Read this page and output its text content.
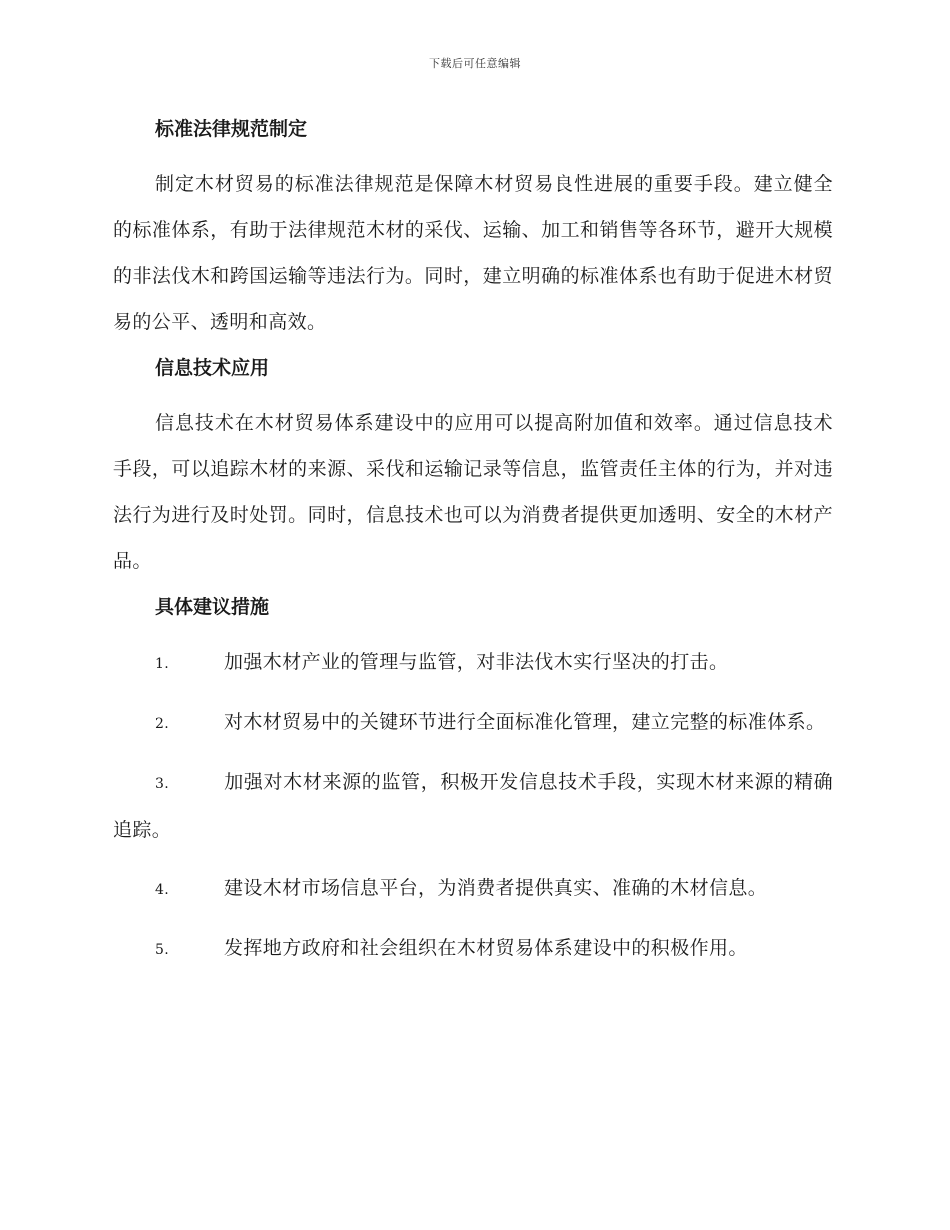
下载后可任意编辑
标准法律规范制定

制定木材贸易的标准法律规范是保障木材贸易良性进展的重要手段。建立健全的标准体系，有助于法律规范木材的采伐、运输、加工和销售等各环节，避开大规模的非法伐木和跨国运输等违法行为。同时，建立明确的标准体系也有助于促进木材贸易的公平、透明和高效。

信息技术应用

信息技术在木材贸易体系建设中的应用可以提高附加值和效率。通过信息技术手段，可以追踪木材的来源、采伐和运输记录等信息，监管责任主体的行为，并对违法行为进行及时处罚。同时，信息技术也可以为消费者提供更加透明、安全的木材产品。

具体建议措施
1.	加强木材产业的管理与监管，对非法伐木实行坚决的打击。
2.	对木材贸易中的关键环节进行全面标准化管理，建立完整的标准体系。
3.	加强对木材来源的监管，积极开发信息技术手段，实现木材来源的精确追踪。
4.	建设木材市场信息平台，为消费者提供真实、准确的木材信息。
5.	发挥地方政府和社会组织在木材贸易体系建设中的积极作用。
